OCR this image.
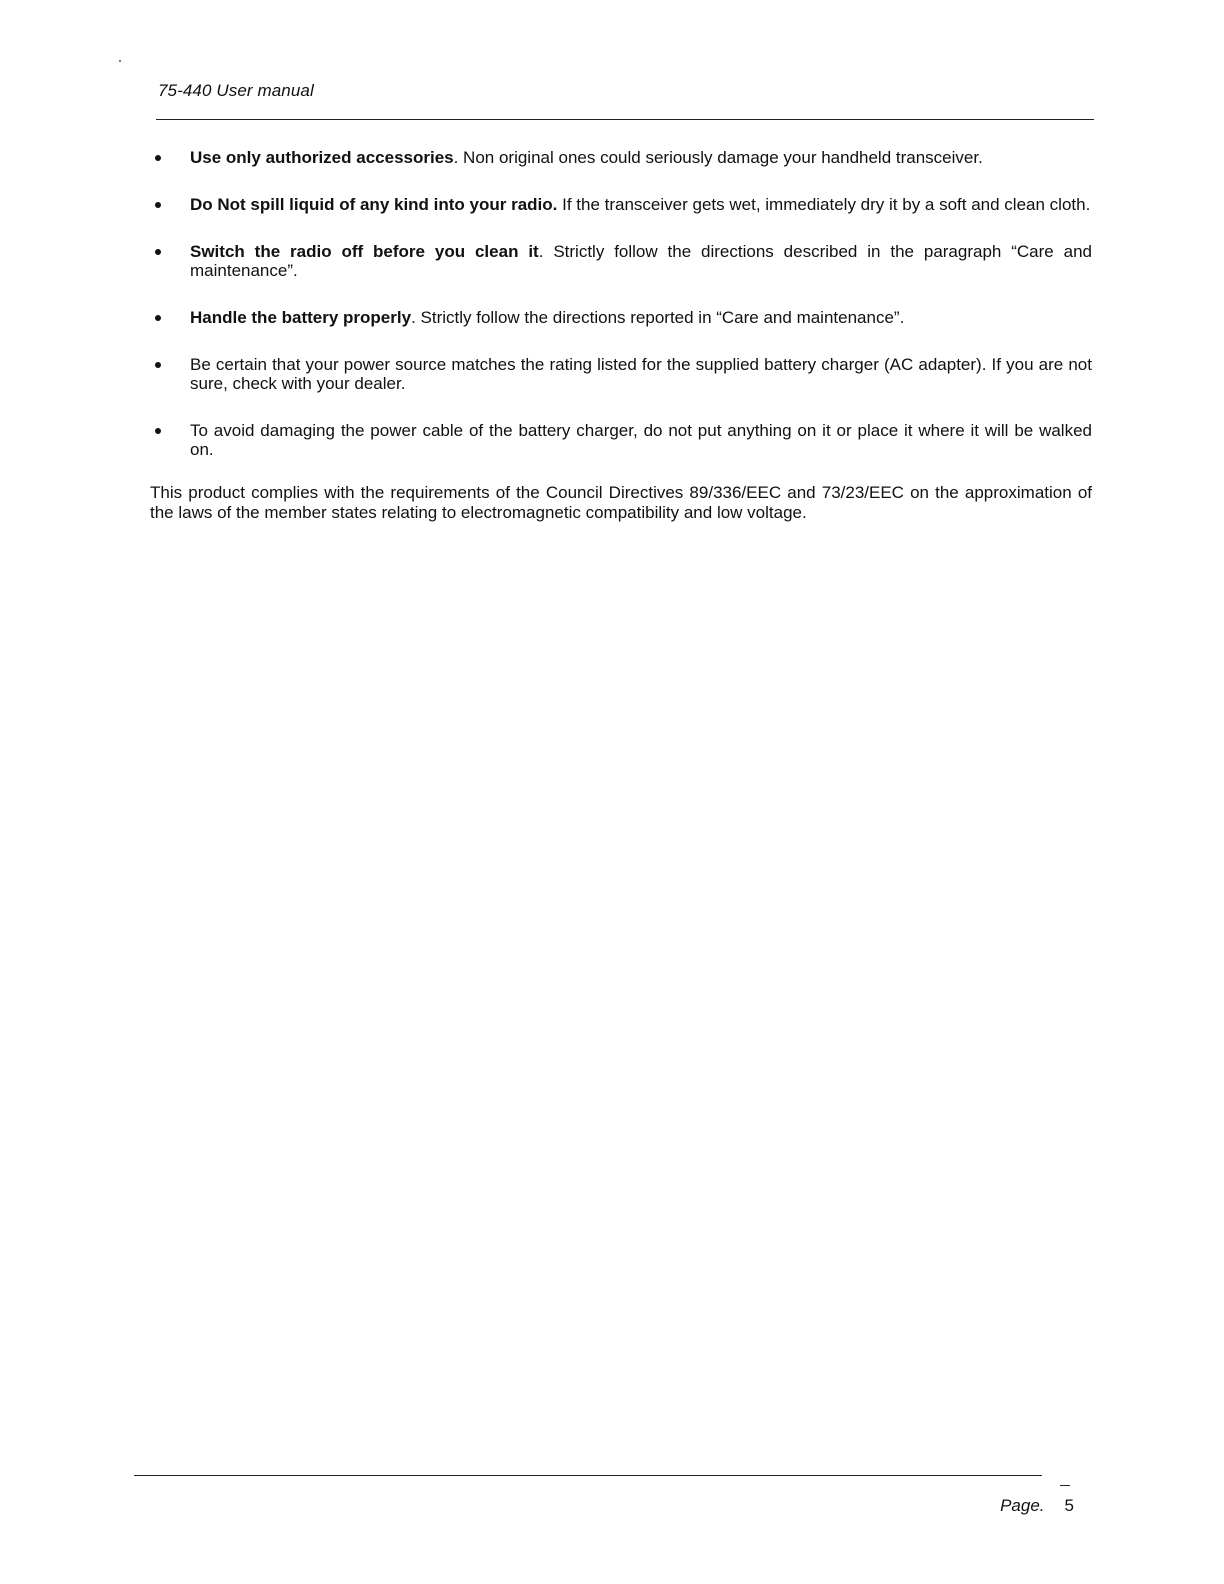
75-440 User manual
Use only authorized accessories. Non original ones could seriously damage your handheld transceiver.
Do Not spill liquid of any kind into your radio. If the transceiver gets wet, immediately dry it by a soft and clean cloth.
Switch the radio off before you clean it. Strictly follow the directions described in the paragraph “Care and maintenance”.
Handle the battery properly. Strictly follow the directions reported in “Care and maintenance”.
Be certain that your power source matches the rating listed for the supplied battery charger (AC adapter). If you are not sure, check with your dealer.
To avoid damaging the power cable of the battery charger, do not put anything on it or place it where it will be walked on.

This product complies with the requirements of the Council Directives 89/336/EEC and 73/23/EEC on the approximation of the laws of the member states relating to electromagnetic compatibility and low voltage.

Page. 5
